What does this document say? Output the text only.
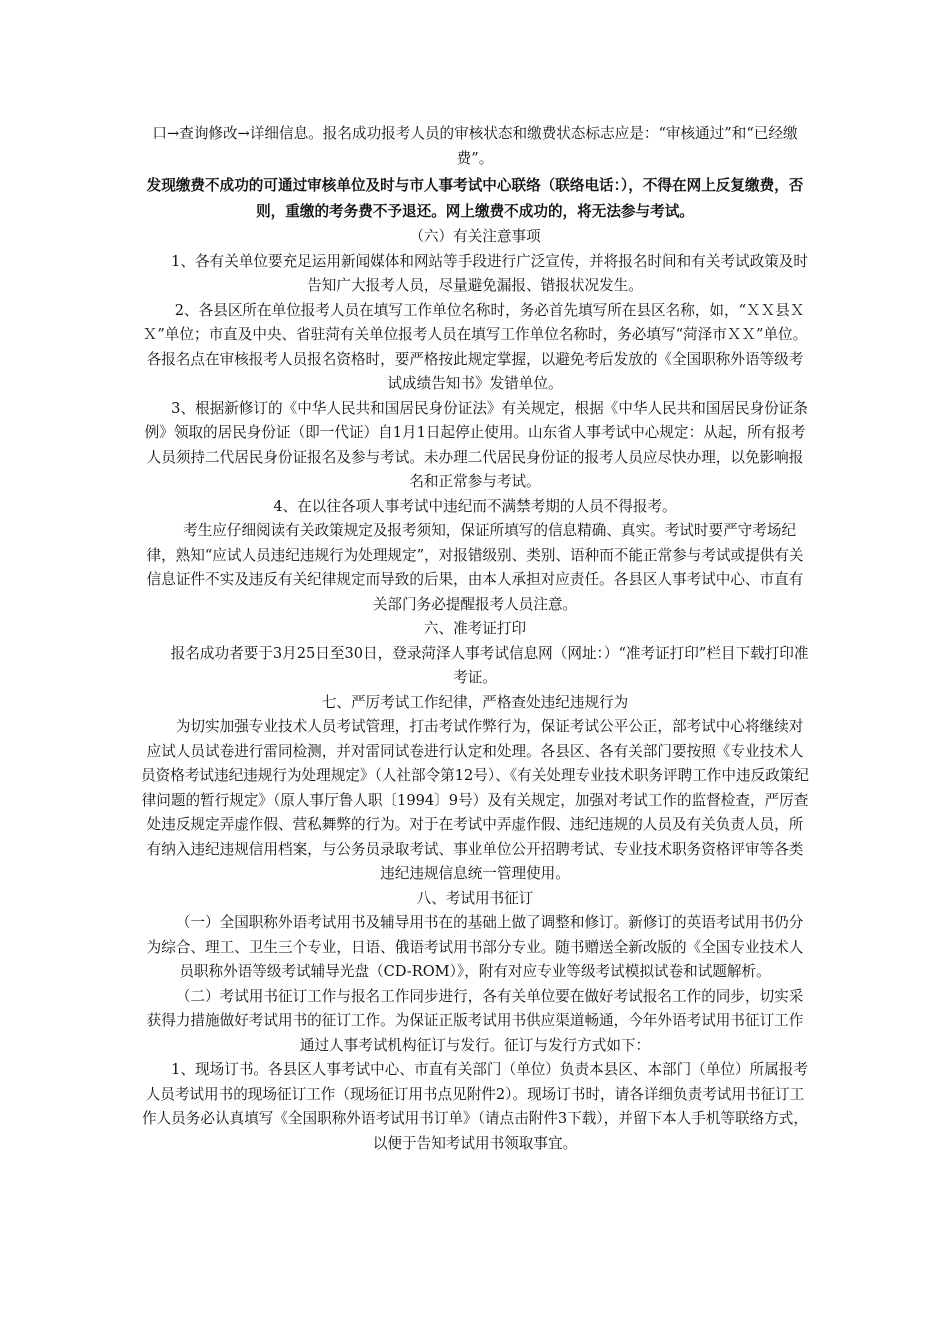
口→查询修改→详细信息。报名成功报考人员的审核状态和缴费状态标志应是：“审核通过”和“已经缴费”。

发现缴费不成功的可通过审核单位及时与市人事考试中心联络（联络电话：），不得在网上反复缴费，否则，重缴的考务费不予退还。网上缴费不成功的，将无法参与考试。

（六）有关注意事项

1、各有关单位要充足运用新闻媒体和网站等手段进行广泛宣传，并将报名时间和有关考试政策及时告知广大报考人员，尽量避免漏报、错报状况发生。

2、各县区所在单位报考人员在填写工作单位名称时，务必首先填写所在县区名称，如，“ＸＸ县ＸＸ”单位；市直及中央、省驻菏有关单位报考人员在填写工作单位名称时，务必填写“菏泽市ＸＸ”单位。各报名点在审核报考人员报名资格时，要严格按此规定掌握，以避免考后发放的《全国职称外语等级考试成绩告知书》发错单位。

3、根据新修订的《中华人民共和国居民身份证法》有关规定，根据《中华人民共和国居民身份证条例》领取的居民身份证（即一代证）自1月1日起停止使用。山东省人事考试中心规定：从起，所有报考人员须持二代居民身份证报名及参与考试。未办理二代居民身份证的报考人员应尽快办理，以免影响报名和正常参与考试。

4、在以往各项人事考试中违纪而不满禁考期的人员不得报考。

考生应仔细阅读有关政策规定及报考须知，保证所填写的信息精确、真实。考试时要严守考场纪律，熟知“应试人员违纪违规行为处理规定”，对报错级别、类别、语种而不能正常参与考试或提供有关信息证件不实及违反有关纪律规定而导致的后果，由本人承担对应责任。各县区人事考试中心、市直有关部门务必提醒报考人员注意。

六、准考证打印

报名成功者要于3月25日至30日，登录菏泽人事考试信息网（网址：）“准考证打印”栏目下载打印准考证。

七、严厉考试工作纪律，严格查处违纪违规行为

为切实加强专业技术人员考试管理，打击考试作弊行为，保证考试公平公正，部考试中心将继续对应试人员试卷进行雷同检测，并对雷同试卷进行认定和处理。各县区、各有关部门要按照《专业技术人员资格考试违纪违规行为处理规定》（人社部令第12号）、《有关处理专业技术职务评聘工作中违反政策纪律问题的暂行规定》（原人事厅鲁人职〔1994〕9号）及有关规定，加强对考试工作的监督检查，严厉查处违反规定弄虚作假、营私舞弊的行为。对于在考试中弄虚作假、违纪违规的人员及有关负责人员，所有纳入违纪违规信用档案，与公务员录取考试、事业单位公开招聘考试、专业技术职务资格评审等各类违纪违规信息统一管理使用。

八、考试用书征订

（一）全国职称外语考试用书及辅导用书在的基础上做了调整和修订。新修订的英语考试用书仍分为综合、理工、卫生三个专业，日语、俄语考试用书部分专业。随书赠送全新改版的《全国专业技术人员职称外语等级考试辅导光盘（CD-ROM）》，附有对应专业等级考试模拟试卷和试题解析。

（二）考试用书征订工作与报名工作同步进行，各有关单位要在做好考试报名工作的同步，切实采获得力措施做好考试用书的征订工作。为保证正版考试用书供应渠道畅通，今年外语考试用书征订工作通过人事考试机构征订与发行。征订与发行方式如下：

1、现场订书。各县区人事考试中心、市直有关部门（单位）负责本县区、本部门（单位）所属报考人员考试用书的现场征订工作（现场征订用书点见附件2）。现场订书时，请各详细负责考试用书征订工作人员务必认真填写《全国职称外语考试用书订单》（请点击附件3下载），并留下本人手机等联络方式，以便于告知考试用书领取事宜。
